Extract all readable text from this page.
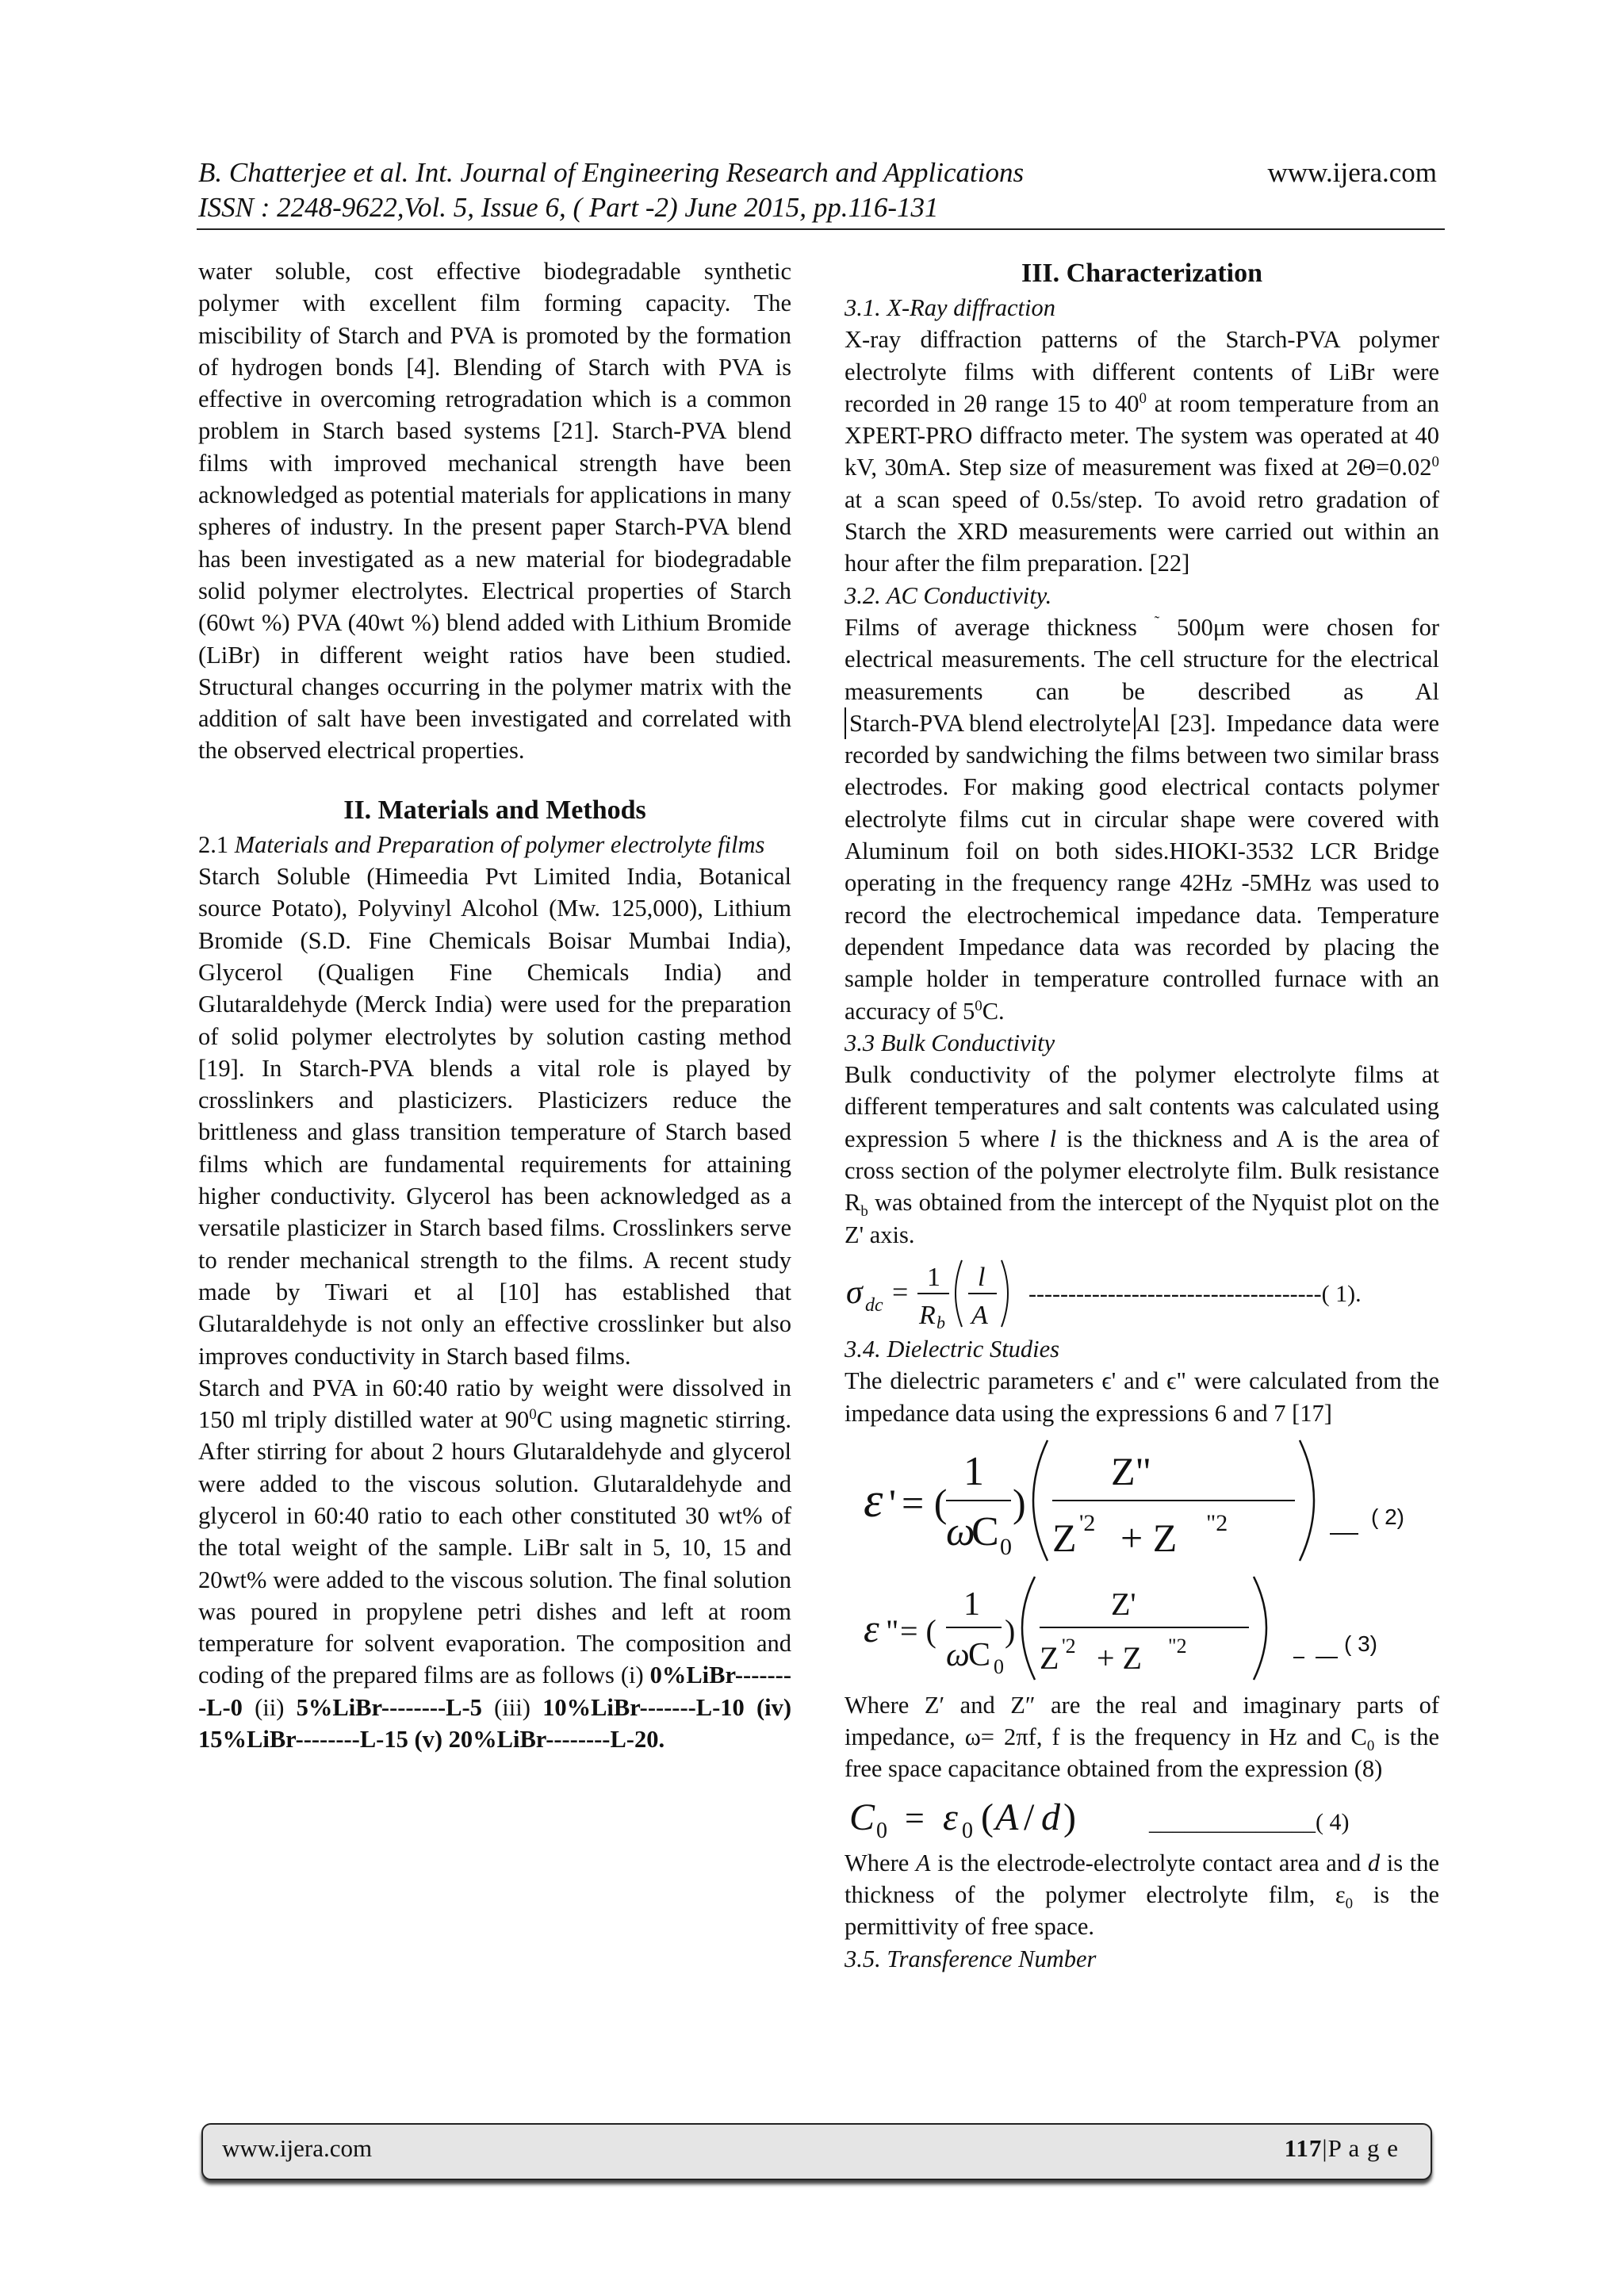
B. Chatterjee et al. Int. Journal of Engineering Research and Applications
ISSN : 2248-9622,Vol. 5, Issue 6, ( Part -2) June 2015, pp.116-131
www.ijera.com

water soluble, cost effective biodegradable synthetic polymer with excellent film forming capacity. The miscibility of Starch and PVA is promoted by the formation of hydrogen bonds [4]. Blending of Starch with PVA is effective in overcoming retrogradation which is a common problem in Starch based systems [21]. Starch-PVA blend films with improved mechanical strength have been acknowledged as potential materials for applications in many spheres of industry. In the present paper Starch-PVA blend has been investigated as a new material for biodegradable solid polymer electrolytes. Electrical properties of Starch (60wt %) PVA (40wt %) blend added with Lithium Bromide (LiBr) in different weight ratios have been studied. Structural changes occurring in the polymer matrix with the addition of salt have been investigated and correlated with the observed electrical properties.

II. Materials and Methods

2.1 Materials and Preparation of polymer electrolyte films

Starch Soluble (Himeedia Pvt Limited India, Botanical source Potato), Polyvinyl Alcohol (Mw. 125,000), Lithium Bromide (S.D. Fine Chemicals Boisar Mumbai India), Glycerol (Qualigen Fine Chemicals India) and Glutaraldehyde (Merck India) were used for the preparation of solid polymer electrolytes by solution casting method [19]. In Starch-PVA blends a vital role is played by crosslinkers and plasticizers. Plasticizers reduce the brittleness and glass transition temperature of Starch based films which are fundamental requirements for attaining higher conductivity. Glycerol has been acknowledged as a versatile plasticizer in Starch based films. Crosslinkers serve to render mechanical strength to the films. A recent study made by Tiwari et al [10] has established that Glutaraldehyde is not only an effective crosslinker but also improves conductivity in Starch based films.

Starch and PVA in 60:40 ratio by weight were dissolved in 150 ml triply distilled water at $90^0C$ using magnetic stirring. After stirring for about 2 hours Glutaraldehyde and glycerol were added to the viscous solution. Glutaraldehyde and glycerol in 60:40 ratio to each other constituted 30 wt% of the total weight of the sample. LiBr salt in 5, 10, 15 and 20wt% were added to the viscous solution. The final solution was poured in propylene petri dishes and left at room temperature for solvent evaporation. The composition and coding of the prepared films are as follows (i) 0%LiBr--------L-0 (ii) 5%LiBr--------L-5 (iii) 10%LiBr-------L-10 (iv) 15%LiBr--------L-15 (v) 20%LiBr--------L-20.

III. Characterization

3.1. X-Ray diffraction

X-ray diffraction patterns of the Starch-PVA polymer electrolyte films with different contents of LiBr were recorded in 2θ range 15 to $40^0$ at room temperature from an XPERT-PRO diffracto meter. The system was operated at 40 kV, 30mA. Step size of measurement was fixed at $2\Theta=0.02^0$ at a scan speed of 0.5s/step. To avoid retro gradation of Starch the XRD measurements were carried out within an hour after the film preparation. [22]

3.2. AC Conductivity.

Films of average thickness ˜ 500μm were chosen for electrical measurements. The cell structure for the electrical measurements can be described as AlStarch-PVA blend electrolyte Al [23]. Impedance data were recorded by sandwiching the films between two similar brass electrodes. For making good electrical contacts polymer electrolyte films cut in circular shape were covered with Aluminum foil on both sides.HIOKI-3532 LCR Bridge operating in the frequency range 42Hz -5MHz was used to record the electrochemical impedance data. Temperature dependent Impedance data was recorded by placing the sample holder in temperature controlled furnace with an accuracy of $5^0C$.

3.3 Bulk Conductivity

Bulk conductivity of the polymer electrolyte films at different temperatures and salt contents was calculated using expression 5 where l is the thickness and A is the area of cross section of the polymer electrolyte film. Bulk resistance $R_b$ was obtained from the intercept of the Nyquist plot on the Z' axis.

σ dc = 1
R b
l
A
-------------------------------------( 1).

3.4. Dielectric Studies

The dielectric parameters ϵ' and ϵ" were calculated from the impedance data using the expressions 6 and 7 [17]

ε ' = (
1
ω
C 0
)
Z"
Z '2 + Z "2	( 2)
ε " = (
1
ω
C 0
)
Z'
Z '2 + Z "2	( 3)

Where Z′ and Z″ are the real and imaginary parts of impedance, ω= 2πf, f is the frequency in Hz and $C_0$ is the free space capacitance obtained from the expression (8)

C 0 = ε 0 ( A / d )	______________( 4)

Where A is the electrode-electrolyte contact area and d is the thickness of the polymer electrolyte film, $\varepsilon_0$ is the permittivity of free space.

3.5. Transference Number

www.ijera.com	117|P a g e
